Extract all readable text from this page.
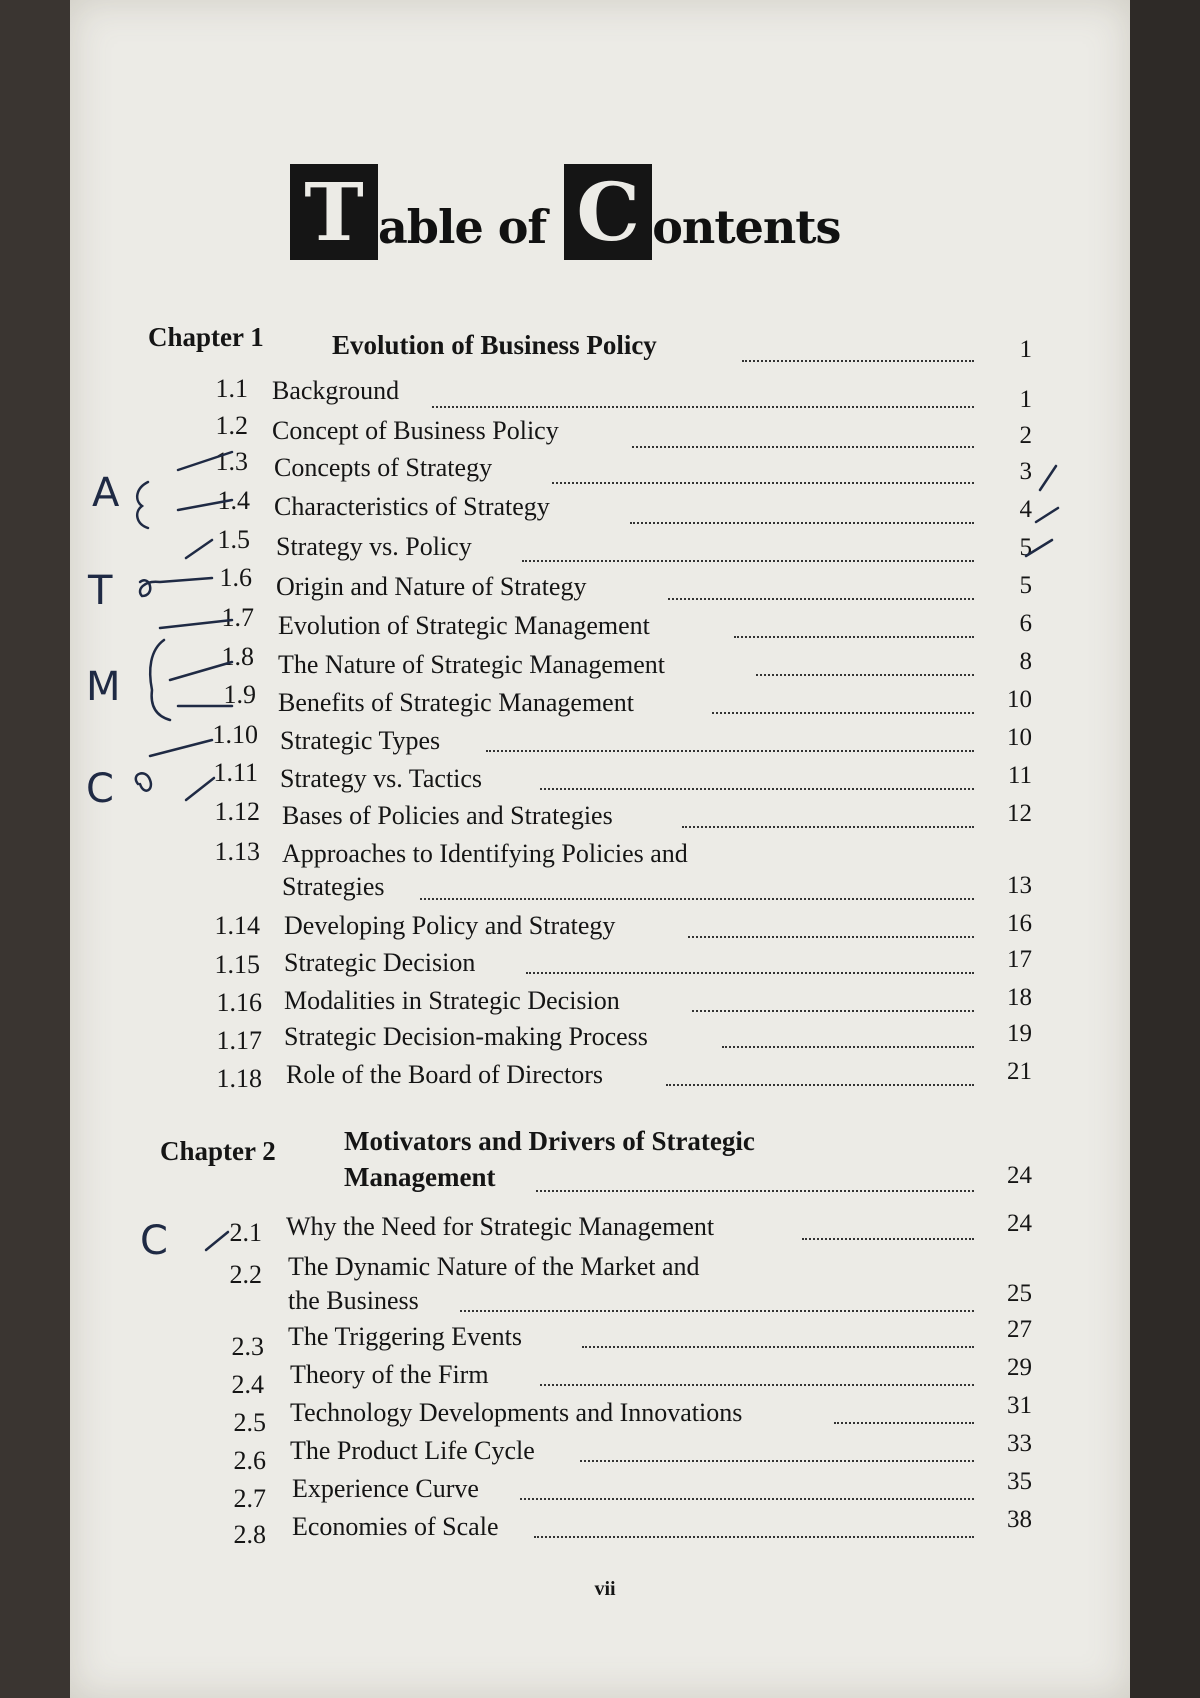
T able of C ontents
Chapter 1	Evolution of Business Policy	1
1.1 Background	1
1.2 Concept of Business Policy	2
1.3 Concepts of Strategy	3
1.4 Characteristics of Strategy	4
1.5 Strategy vs. Policy	5
1.6 Origin and Nature of Strategy	5
1.7 Evolution of Strategic Management	6
1.8 The Nature of Strategic Management	8
1.9 Benefits of Strategic Management	10
1.10 Strategic Types	10
1.11 Strategy vs. Tactics	11
1.12 Bases of Policies and Strategies	12
1.13 Approaches to Identifying Policies and
Strategies	13
1.14 Developing Policy and Strategy	16
1.15 Strategic Decision	17
1.16 Modalities in Strategic Decision	18
1.17 Strategic Decision-making Process	19
1.18 Role of the Board of Directors	21
Chapter 2	Motivators and Drivers of Strategic
Management	24
2.1 Why the Need for Strategic Management	24
2.2 The Dynamic Nature of the Market and
the Business	25
2.3 The Triggering Events	27
2.4 Theory of the Firm	29
2.5 Technology Developments and Innovations	31
2.6 The Product Life Cycle	33
2.7 Experience Curve	35
2.8 Economies of Scale	38
vii
A
T
M
C
C
